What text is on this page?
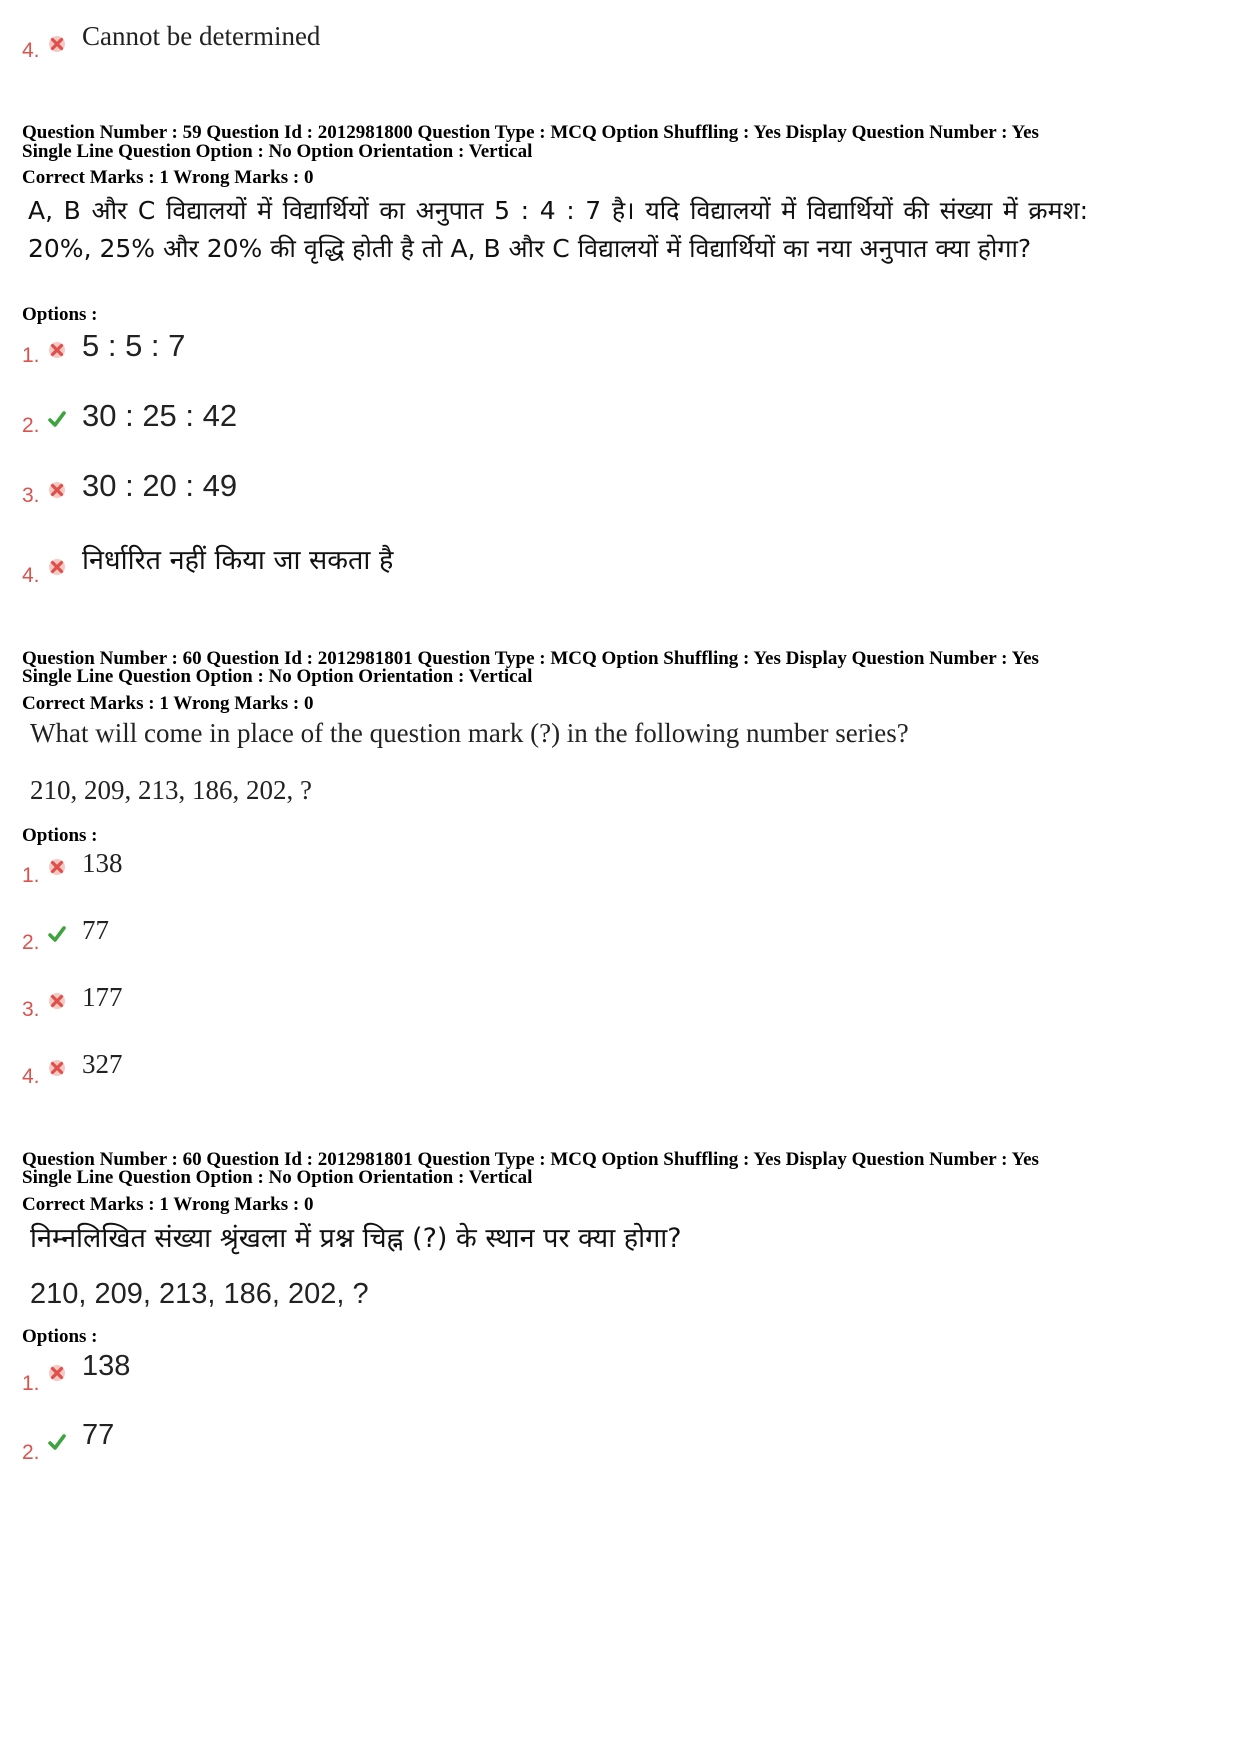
4. Cannot be determined
Question Number : 59 Question Id : 2012981800 Question Type : MCQ Option Shuffling : Yes Display Question Number : Yes
Single Line Question Option : No Option Orientation : Vertical
Correct Marks : 1 Wrong Marks : 0
A, B और C विद्यालयों में विद्यार्थियों का अनुपात 5 : 4 : 7 है। यदि विद्यालयों में विद्यार्थियों की संख्या में क्रमश: 20%, 25% और 20% की वृद्धि होती है तो A, B और C विद्यालयों में विद्यार्थियों का नया अनुपात क्या होगा?
Options :
1. 5 : 5 : 7
2. 30 : 25 : 42
3. 30 : 20 : 49
4. निर्धारित नहीं किया जा सकता है
Question Number : 60 Question Id : 2012981801 Question Type : MCQ Option Shuffling : Yes Display Question Number : Yes
Single Line Question Option : No Option Orientation : Vertical
Correct Marks : 1 Wrong Marks : 0
What will come in place of the question mark (?) in the following number series?
210, 209, 213, 186, 202, ?
Options :
1. 138
2. 77
3. 177
4. 327
Question Number : 60 Question Id : 2012981801 Question Type : MCQ Option Shuffling : Yes Display Question Number : Yes
Single Line Question Option : No Option Orientation : Vertical
Correct Marks : 1 Wrong Marks : 0
निम्नलिखित संख्या श्रृंखला में प्रश्न चिह्न (?) के स्थान पर क्या होगा?
210, 209, 213, 186, 202, ?
Options :
1.
138
2.
77
